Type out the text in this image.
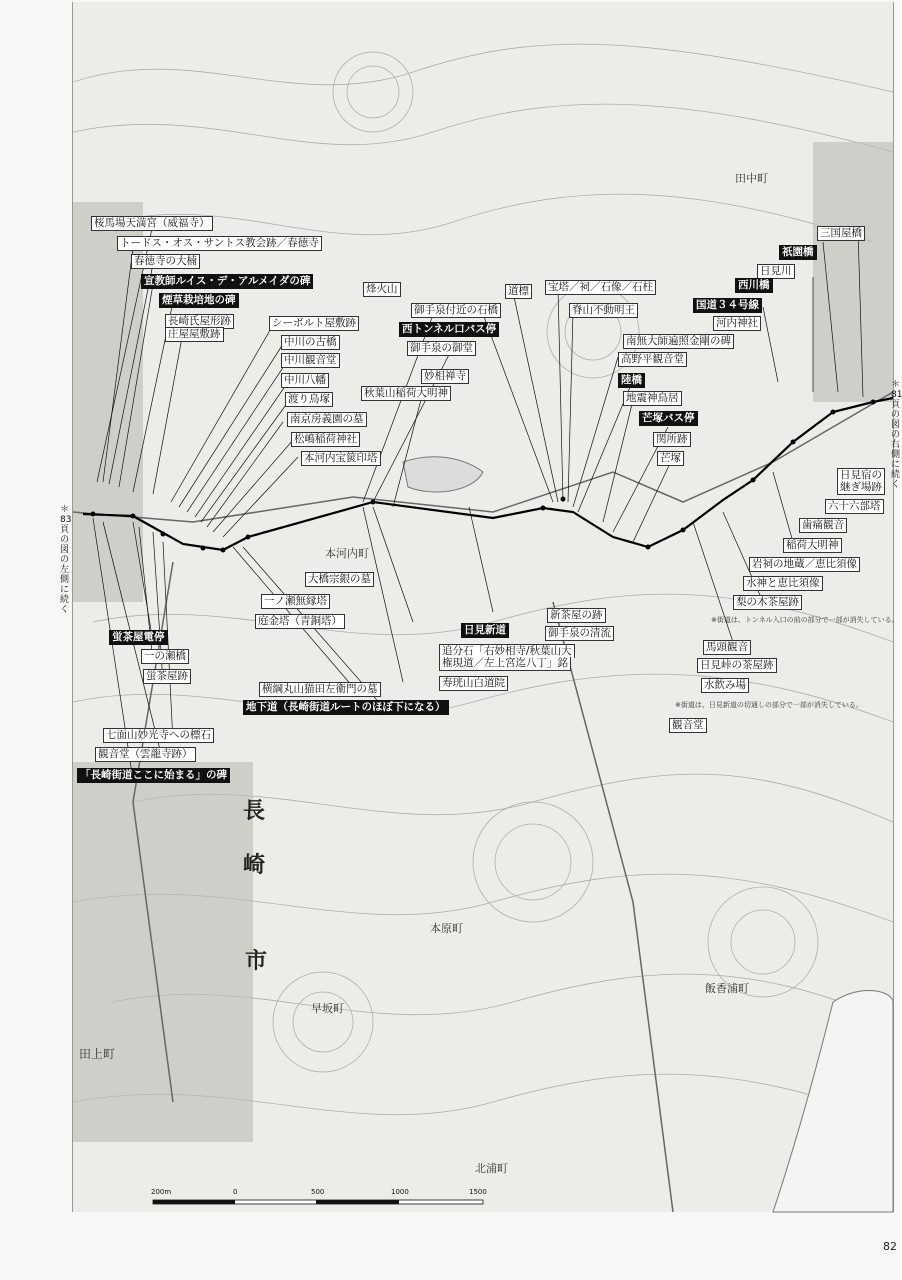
長
崎
市
田上町
本河内町
本原町
早坂町
飯香浦町
田中町
北浦町
桜馬場天満宮（威福寺）
トードス・オス・サントス教会跡／春徳寺
春徳寺の大楠
宣教師ルイス・デ・アルメイダの碑
煙草栽培地の碑
長崎氏屋形跡
庄屋屋敷跡
シーボルト屋敷跡
中川の古橋
中川観音堂
中川八幡
渡り鳥塚
南京房義園の墓
松嶋稲荷神社
本河内宝篋印塔
烽火山
御手泉付近の石橋
西トンネル口バス停
御手泉の御堂
妙相禅寺
秋葉山稲荷大明神
道標 宝塔／祠／石像／石柱
脊山不動明王
南無大師遍照金剛の碑
高野平観音堂
陸橋
地震神鳥居
芒塚バス停
関所跡
芒塚
三国屋橋
祇園橋
日見川
西川橋
国道３４号線
河内神社
日見宿の
継ぎ場跡
六十六部塔
歯痛観音
稲荷大明神
岩祠の地蔵／恵比須像
水神と恵比須像
梨の木茶屋跡
※街道は、トンネル入口の前の部分で一部が消失している。
馬頭観音
日見峠の茶屋跡
水飲み場
※街道は、日見新道の切通しの部分で一部が消失している。
観音堂
大橋宗銀の墓
一ノ瀬無縁塔
庭金塔（青銅塔）
日見新道
新茶屋の跡
御手泉の清流
追分石「右妙相寺/秋葉山大
権現道／左上宮迄八丁」銘
寿珖山白道院
横綱丸山猫田左衛門の墓
地下道（長崎街道ルートのほぼ下になる）
蛍茶屋電停
一の瀬橋
蛍茶屋跡
七面山妙光寺への標石
観音堂（雲龍寺跡）
「長崎街道ここに始まる」の碑
200m	0	500	1000	1500
＊83頁の図の左側に続く
＊81頁の図の右側に続く
82
